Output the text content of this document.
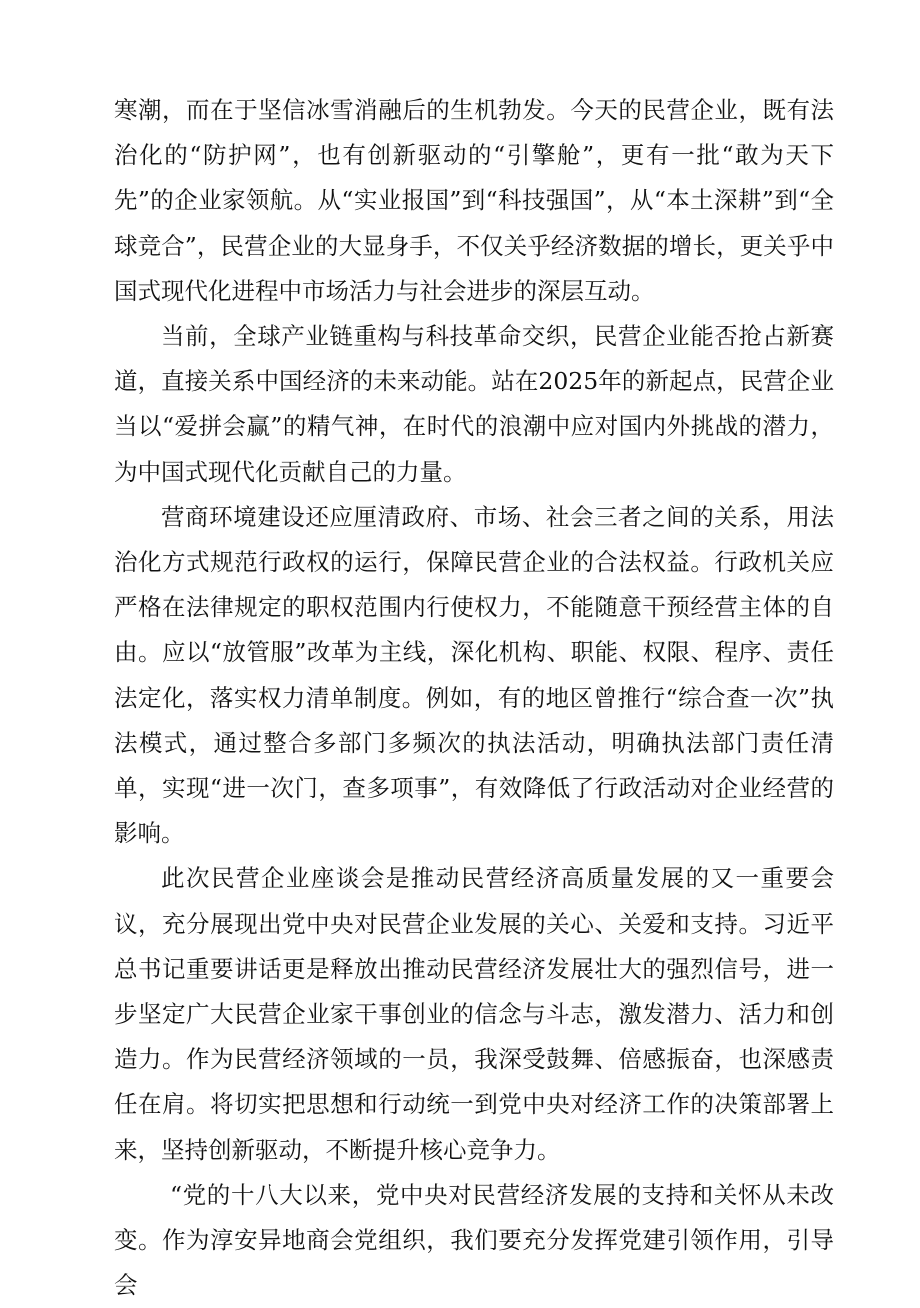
寒潮，而在于坚信冰雪消融后的生机勃发。今天的民营企业，既有法治化的“防护网”，也有创新驱动的“引擎舱”，更有一批“敢为天下先”的企业家领航。从“实业报国”到“科技强国”，从“本土深耕”到“全球竞合”，民营企业的大显身手，不仅关乎经济数据的增长，更关乎中国式现代化进程中市场活力与社会进步的深层互动。

当前，全球产业链重构与科技革命交织，民营企业能否抢占新赛道，直接关系中国经济的未来动能。站在2025年的新起点，民营企业当以“爱拼会赢”的精气神，在时代的浪潮中应对国内外挑战的潜力，为中国式现代化贡献自己的力量。

营商环境建设还应厘清政府、市场、社会三者之间的关系，用法治化方式规范行政权的运行，保障民营企业的合法权益。行政机关应严格在法律规定的职权范围内行使权力，不能随意干预经营主体的自由。应以“放管服”改革为主线，深化机构、职能、权限、程序、责任法定化，落实权力清单制度。例如，有的地区曾推行“综合查一次”执法模式，通过整合多部门多频次的执法活动，明确执法部门责任清单，实现“进一次门，查多项事”，有效降低了行政活动对企业经营的影响。

此次民营企业座谈会是推动民营经济高质量发展的又一重要会议，充分展现出党中央对民营企业发展的关心、关爱和支持。习近平总书记重要讲话更是释放出推动民营经济发展壮大的强烈信号，进一步坚定广大民营企业家干事创业的信念与斗志，激发潜力、活力和创造力。作为民营经济领域的一员，我深受鼓舞、倍感振奋，也深感责任在肩。将切实把思想和行动统一到党中央对经济工作的决策部署上来，坚持创新驱动，不断提升核心竞争力。

“党的十八大以来，党中央对民营经济发展的支持和关怀从未改变。作为淳安异地商会党组织，我们要充分发挥党建引领作用，引导会
